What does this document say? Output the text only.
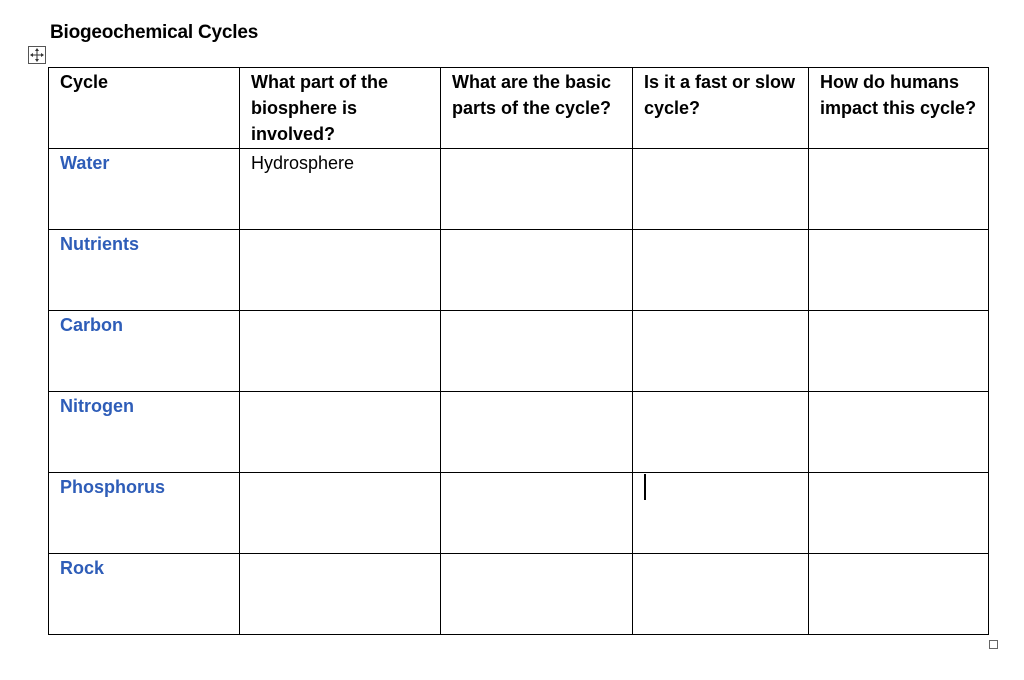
Biogeochemical Cycles
Cycle	What part of the biosphere is involved?	What are the basic parts of the cycle?	Is it a fast or slow cycle?	How do humans impact this cycle?
Water	Hydrosphere			
Nutrients				
Carbon				
Nitrogen				
Phosphorus				
Rock				
